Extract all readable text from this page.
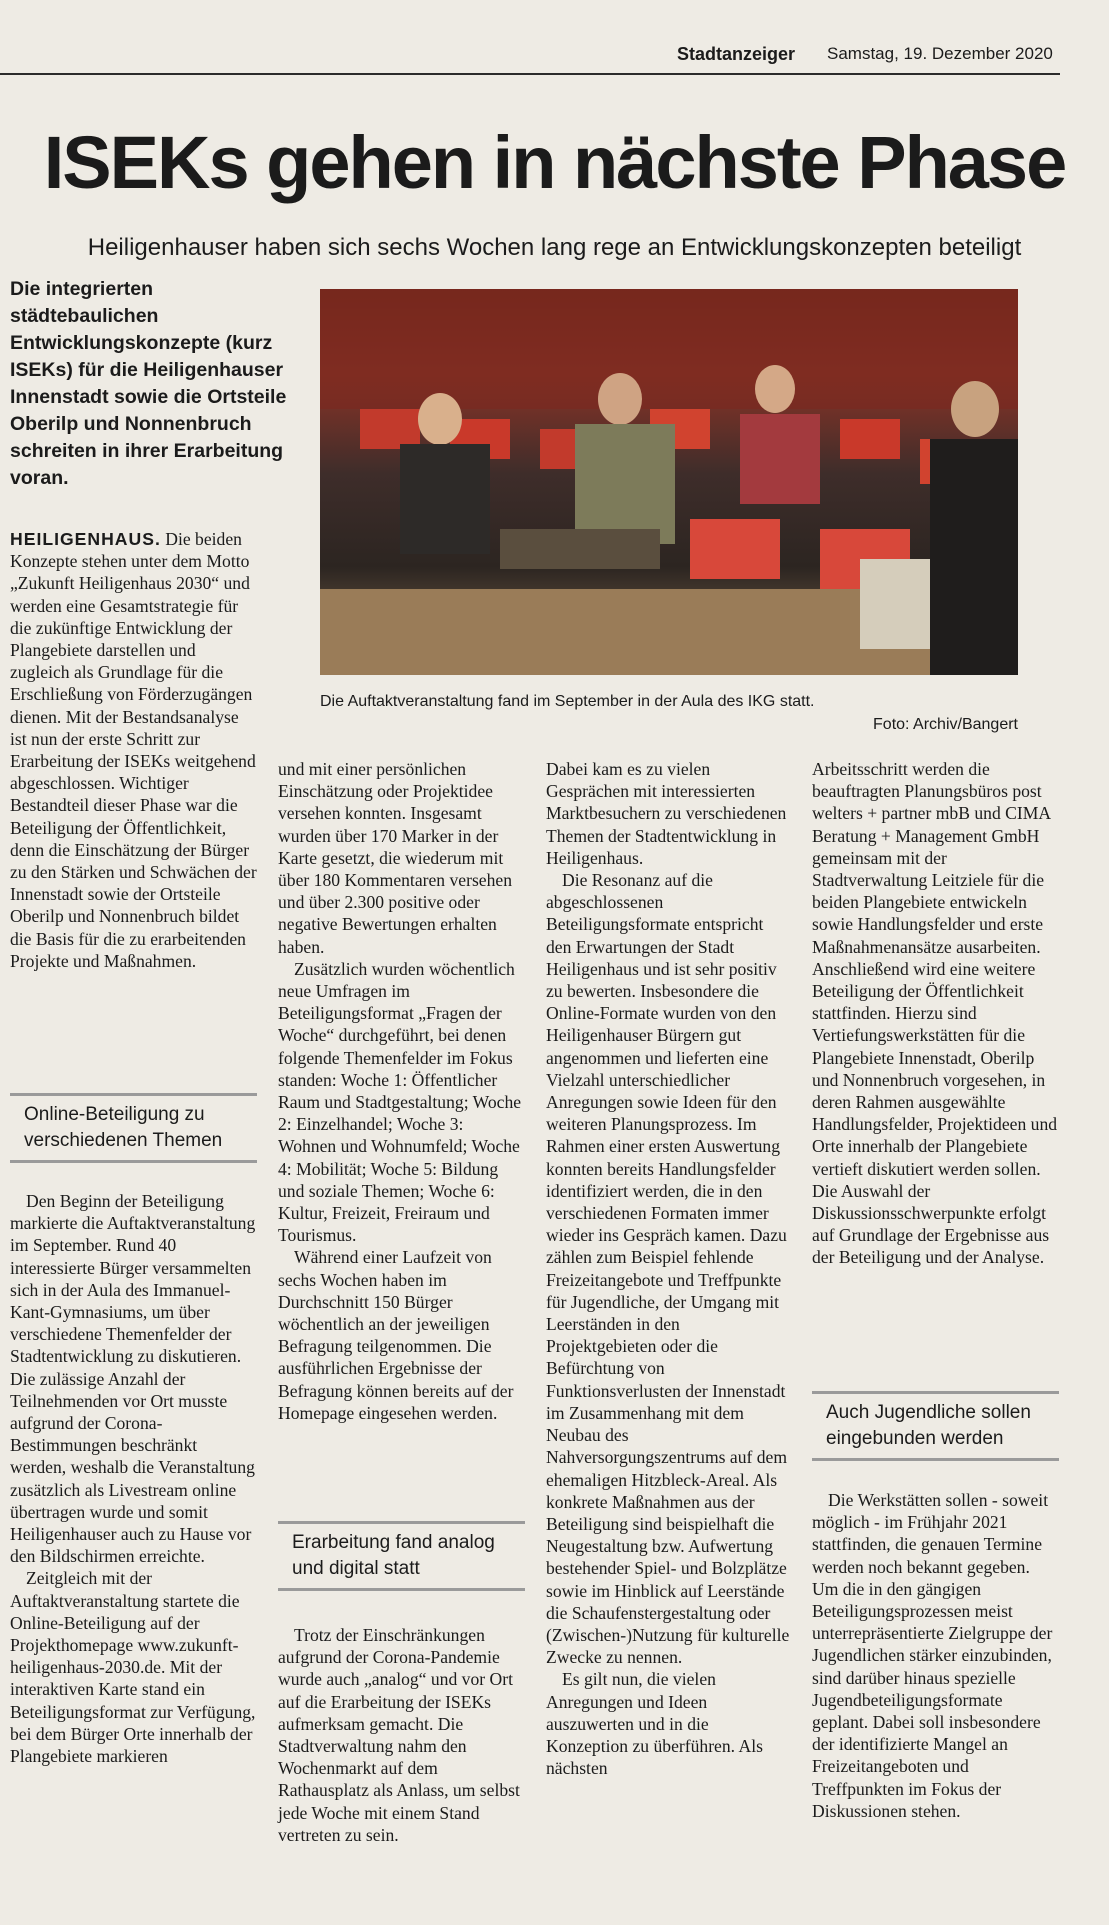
Stadtanzeiger Samstag, 19. Dezember 2020
ISEKs gehen in nächste Phase
Heiligenhauser haben sich sechs Wochen lang rege an Entwicklungskonzepten beteiligt
Die integrierten städtebaulichen Entwicklungskonzepte (kurz ISEKs) für die Heiligenhauser Innenstadt sowie die Ortsteile Oberilp und Nonnenbruch schreiten in ihrer Erarbeitung voran.
Die Auftaktveranstaltung fand im September in der Aula des IKG statt.
Foto: Archiv/Bangert

HEILIGENHAUS. Die beiden Konzepte stehen unter dem Motto „Zukunft Heiligenhaus 2030“ und werden eine Gesamtstrategie für die zukünftige Entwicklung der Plangebiete darstellen und zugleich als Grundlage für die Erschließung von Förderzugängen dienen. Mit der Bestandsanalyse ist nun der erste Schritt zur Erarbeitung der ISEKs weitgehend abgeschlossen. Wichtiger Bestandteil dieser Phase war die Beteiligung der Öffentlichkeit, denn die Einschätzung der Bürger zu den Stärken und Schwächen der Innenstadt sowie der Ortsteile Oberilp und Nonnenbruch bildet die Basis für die zu erarbeitenden Projekte und Maßnahmen.

Online-Beteiligung zu verschiedenen Themen

Den Beginn der Beteiligung markierte die Auftaktveranstaltung im September. Rund 40 interessierte Bürger versammelten sich in der Aula des Immanuel-Kant-Gymnasiums, um über verschiedene Themenfelder der Stadtentwicklung zu diskutieren. Die zulässige Anzahl der Teilnehmenden vor Ort musste aufgrund der Corona-Bestimmungen beschränkt werden, weshalb die Veranstaltung zusätzlich als Livestream online übertragen wurde und somit Heiligenhauser auch zu Hause vor den Bildschirmen erreichte.

Zeitgleich mit der Auftaktveranstaltung startete die Online-Beteiligung auf der Projekthomepage www.zukunft-heiligenhaus-2030.de. Mit der interaktiven Karte stand ein Beteiligungsformat zur Verfügung, bei dem Bürger Orte innerhalb der Plangebiete markieren

und mit einer persönlichen Einschätzung oder Projektidee versehen konnten. Insgesamt wurden über 170 Marker in der Karte gesetzt, die wiederum mit über 180 Kommentaren versehen und über 2.300 positive oder negative Bewertungen erhalten haben.

Zusätzlich wurden wöchentlich neue Umfragen im Beteiligungsformat „Fragen der Woche“ durchgeführt, bei denen folgende Themenfelder im Fokus standen: Woche 1: Öffentlicher Raum und Stadtgestaltung; Woche 2: Einzelhandel; Woche 3: Wohnen und Wohnumfeld; Woche 4: Mobilität; Woche 5: Bildung und soziale Themen; Woche 6: Kultur, Freizeit, Freiraum und Tourismus.

Während einer Laufzeit von sechs Wochen haben im Durchschnitt 150 Bürger wöchentlich an der jeweiligen Befragung teilgenommen. Die ausführlichen Ergebnisse der Befragung können bereits auf der Homepage eingesehen werden.

Erarbeitung fand analog und digital statt

Trotz der Einschränkungen aufgrund der Corona-Pandemie wurde auch „analog“ und vor Ort auf die Erarbeitung der ISEKs aufmerksam gemacht. Die Stadtverwaltung nahm den Wochenmarkt auf dem Rathausplatz als Anlass, um selbst jede Woche mit einem Stand vertreten zu sein.

Dabei kam es zu vielen Gesprächen mit interessierten Marktbesuchern zu verschiedenen Themen der Stadtentwicklung in Heiligenhaus.

Die Resonanz auf die abgeschlossenen Beteiligungsformate entspricht den Erwartungen der Stadt Heiligenhaus und ist sehr positiv zu bewerten. Insbesondere die Online-Formate wurden von den Heiligenhauser Bürgern gut angenommen und lieferten eine Vielzahl unterschiedlicher Anregungen sowie Ideen für den weiteren Planungsprozess. Im Rahmen einer ersten Auswertung konnten bereits Handlungsfelder identifiziert werden, die in den verschiedenen Formaten immer wieder ins Gespräch kamen. Dazu zählen zum Beispiel fehlende Freizeitangebote und Treffpunkte für Jugendliche, der Umgang mit Leerständen in den Projektgebieten oder die Befürchtung von Funktionsverlusten der Innenstadt im Zusammenhang mit dem Neubau des Nahversorgungszentrums auf dem ehemaligen Hitzbleck-Areal. Als konkrete Maßnahmen aus der Beteiligung sind beispielhaft die Neugestaltung bzw. Aufwertung bestehender Spiel- und Bolzplätze sowie im Hinblick auf Leerstände die Schaufenstergestaltung oder (Zwischen-)Nutzung für kulturelle Zwecke zu nennen.

Es gilt nun, die vielen Anregungen und Ideen auszuwerten und in die Konzeption zu überführen. Als nächsten

Arbeitsschritt werden die beauftragten Planungsbüros post welters + partner mbB und CIMA Beratung + Management GmbH gemeinsam mit der Stadtverwaltung Leitziele für die beiden Plangebiete entwickeln sowie Handlungsfelder und erste Maßnahmenansätze ausarbeiten. Anschließend wird eine weitere Beteiligung der Öffentlichkeit stattfinden. Hierzu sind Vertiefungswerkstätten für die Plangebiete Innenstadt, Oberilp und Nonnenbruch vorgesehen, in deren Rahmen ausgewählte Handlungsfelder, Projektideen und Orte innerhalb der Plangebiete vertieft diskutiert werden sollen. Die Auswahl der Diskussionsschwerpunkte erfolgt auf Grundlage der Ergebnisse aus der Beteiligung und der Analyse.

Auch Jugendliche sollen eingebunden werden

Die Werkstätten sollen - soweit möglich - im Frühjahr 2021 stattfinden, die genauen Termine werden noch bekannt gegeben. Um die in den gängigen Beteiligungsprozessen meist unterrepräsentierte Zielgruppe der Jugendlichen stärker einzubinden, sind darüber hinaus spezielle Jugendbeteiligungsformate geplant. Dabei soll insbesondere der identifizierte Mangel an Freizeitangeboten und Treffpunkten im Fokus der Diskussionen stehen.
